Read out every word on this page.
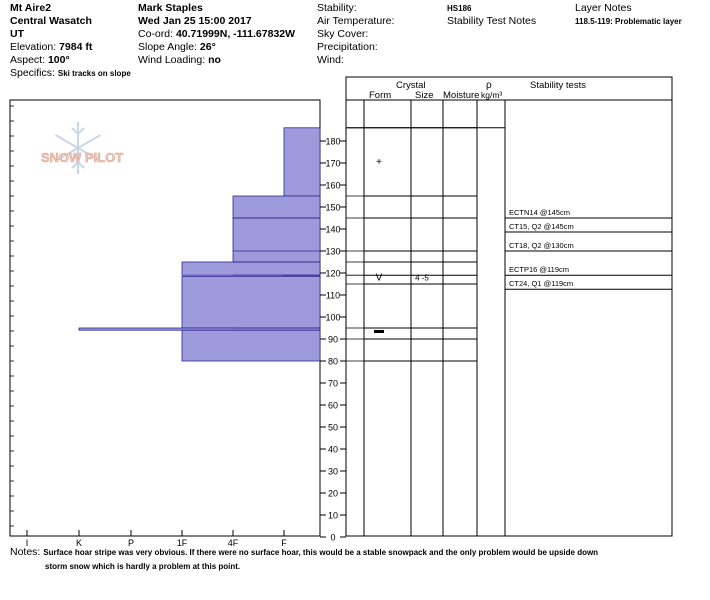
Mt Aire2
Central Wasatch
UT
Elevation: 7984 ft
Aspect: 100°
Specifics: Ski tracks on slope
Mark Staples
Wed Jan 25 15:00 2017
Co-ord: 40.71999N, -111.67832W
Slope Angle: 26°
Wind Loading: no
Stability:
Air Temperature:
Sky Cover:
Precipitation:
Wind:
HS186
Stability Test Notes
Layer Notes
118.5-119: Problematic layer
SNOW PILOT
I	K	P	1F	4F	F
0
10
20
30
40
50
60
70
80
90
100
110
120
130
140
150
160
170
180
+
V	4 -5
▬
ECTN14 @145cm
CT15, Q2 @145cm
CT18, Q2 @130cm
ECTP16 @119cm
CT24, Q1 @119cm
Crystal
Form	Size Moisture
ρ
kg/m³
Stability tests
Notes: Surface hoar stripe was very obvious. If there were no surface hoar, this would be a stable snowpack and the only problem would be upside down
storm snow which is hardly a problem at this point.
